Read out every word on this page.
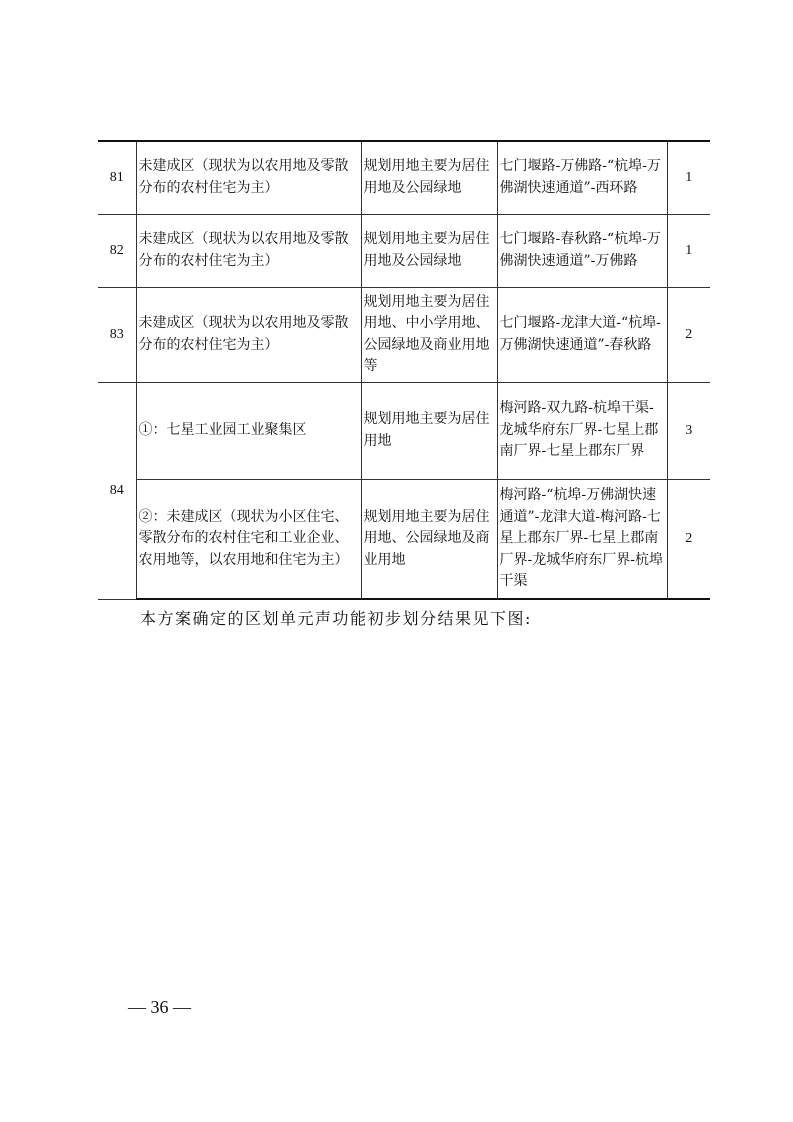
81	未建成区（现状为以农用地及零散分布的农村住宅为主）	规划用地主要为居住用地及公园绿地	七门堰路-万佛路-“杭埠-万佛湖快速通道”-西环路	1
82	未建成区（现状为以农用地及零散分布的农村住宅为主）	规划用地主要为居住用地及公园绿地	七门堰路-春秋路-“杭埠-万佛湖快速通道”-万佛路	1
83	未建成区（现状为以农用地及零散分布的农村住宅为主）	规划用地主要为居住用地、中小学用地、公园绿地及商业用地等	七门堰路-龙津大道-“杭埠-万佛湖快速通道”-春秋路	2
84	①：七星工业园工业聚集区	规划用地主要为居住用地	梅河路-双九路-杭埠干渠-龙城华府东厂界-七星上郡南厂界-七星上郡东厂界	3
	②：未建成区（现状为小区住宅、零散分布的农村住宅和工业企业、农用地等，以农用地和住宅为主）	规划用地主要为居住用地、公园绿地及商业用地	梅河路-“杭埠-万佛湖快速通道”-龙津大道-梅河路-七星上郡东厂界-七星上郡南厂界-龙城华府东厂界-杭埠干渠	2

本方案确定的区划单元声功能初步划分结果见下图:

— 36 —
